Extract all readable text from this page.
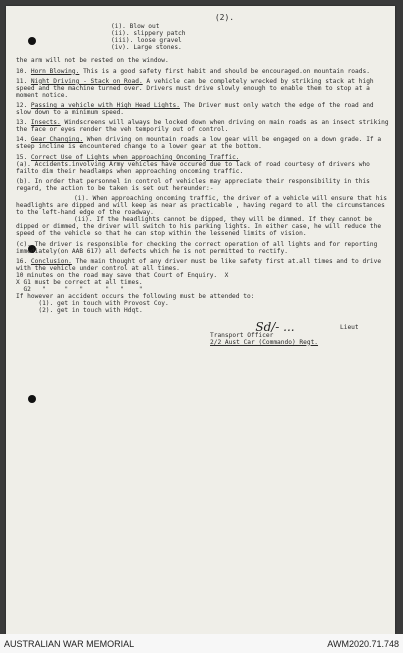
(2).
(i). Blow out
(ii). slippery patch
(iii). loose gravel
(iv). Large stones.
the arm will not be rested on the window.
10. Horn Blowing. This is a good safety first habit and should be encouraged.on mountain roads.
11. Night Driving - Stack on Road. A vehicle can be completely wrecked by striking stack at high speed and the machine turned over. Drivers must drive slowly enough to enable them to stop at a moment notice.
12. Passing a vehicle with High Head Lights. The Driver must only watch the edge of the road and slow down to a minimum speed.
13. Insects. Windscreens will always be locked down when driving on main roads as an insect striking the face or eyes render the veh temporily out of control.
14. Gear Changing. When driving on mountain roads a low gear will be engaged on a down grade. If a steep incline is encountered change to a lower gear at the bottom.
15. Correct Use of Lights when approaching Oncoming Traffic.
(a). Accidents.involving Army vehicles have occured due to lack of road courtesy of drivers who failto dim their headlamps when approaching oncoming traffic.
(b). In order that personnel in control of vehicles may appreciate their responsibility in this regard, the action to be taken is set out hereunder:-
(i). When approaching oncoming traffic, the driver of a vehicle will ensure that his headlights are dipped and will keep as near as practicable , having regard to all the circumstances to the left-hand edge of the roadway.
(ii). If the headlights cannot be dipped, they will be dimmed. If they cannot be dipped or dimmed, the driver will switch to his parking lights. In either case, he will reduce the speed of the vehicle so that he can stop within the lessened limits of vision.
(c). The driver is responsible for checking the correct operation of all lights and for reporting immediately(on AAB 617) all defects which he is not permitted to rectify.
16. Conclusion. The main thought of any driver must be like safety first at.all times and to drive with the vehicle under control at all times.
10 minutes on the road may save that Court of Enquiry.  X
X G1 must be correct at all times.
G2   "     "   "      "   "    "
If however an accident occurs the following must be attended to:
(1). get in touch with Provost Coy.
(2). get in touch with Hdqt.
Sd/- ...	Lieut
Transport Officer
2/2 Aust Car (Commando) Regt.
AUSTRALIAN WAR MEMORIAL	AWM2020.71.748
